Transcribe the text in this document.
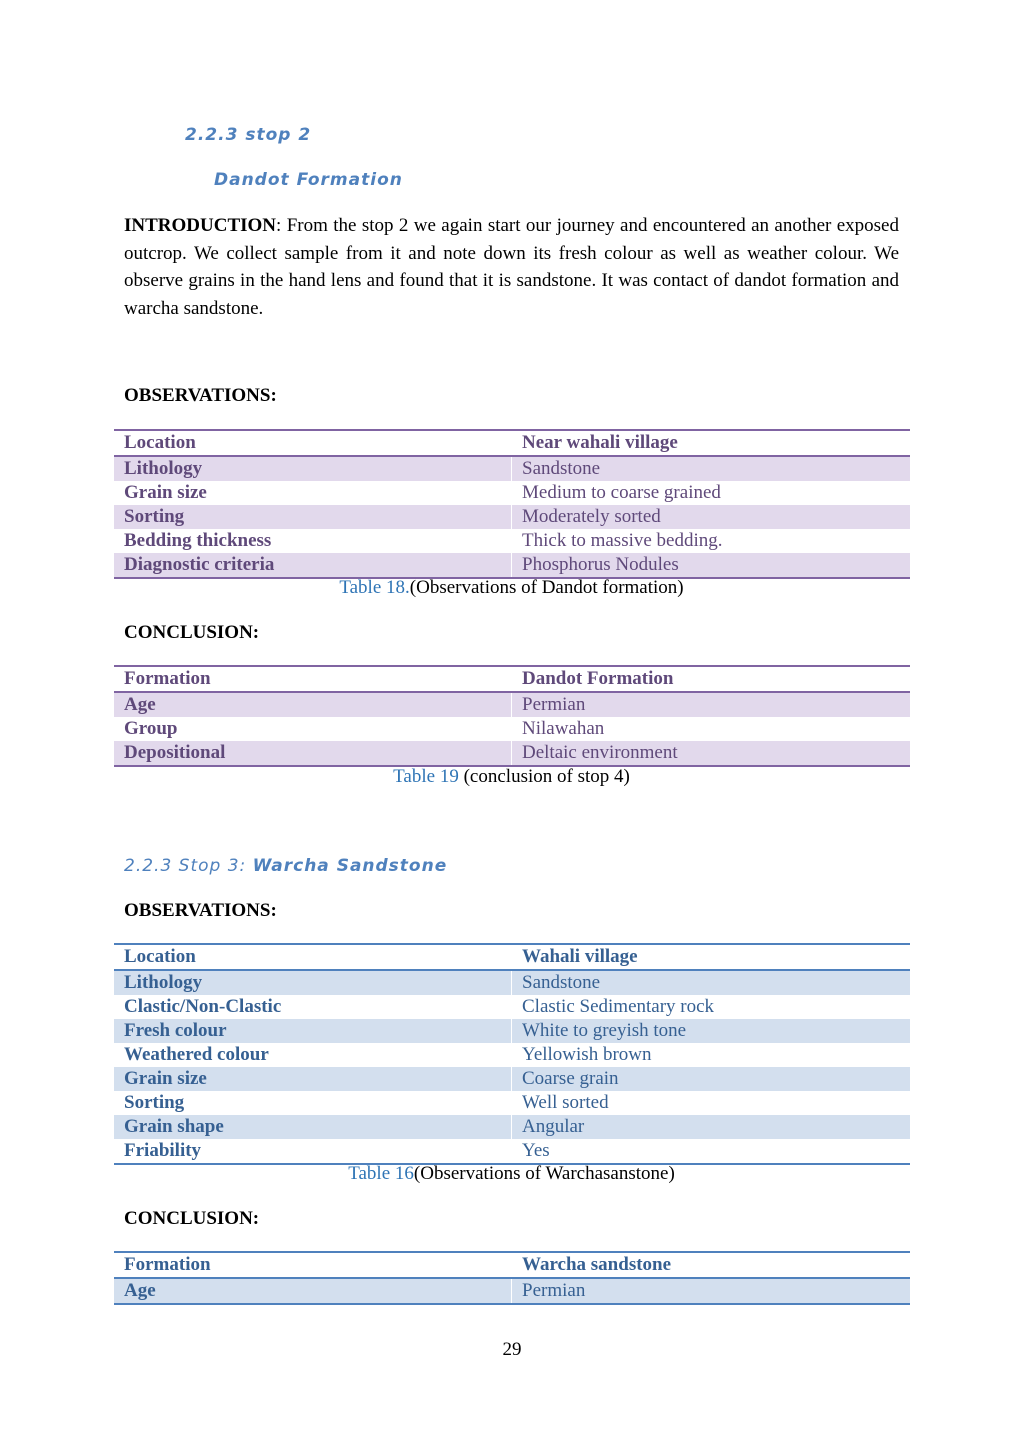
2.2.3 stop 2
Dandot Formation
INTRODUCTION: From the stop 2 we again start our journey and encountered an another exposed outcrop. We collect sample from it and note down its fresh colour as well as weather colour. We observe grains in the hand lens and found that it is sandstone. It was contact of dandot formation and warcha sandstone.
OBSERVATIONS:
Location	Near wahali village
Lithology	Sandstone
Grain size	Medium to coarse grained
Sorting	Moderately sorted
Bedding thickness	Thick to massive bedding.
Diagnostic criteria	Phosphorus Nodules
Table 18.(Observations of Dandot formation)
CONCLUSION:
Formation	Dandot Formation
Age	Permian
Group	Nilawahan
Depositional	Deltaic environment
Table 19 (conclusion of stop 4)
2.2.3 Stop 3: Warcha Sandstone
OBSERVATIONS:
Location	Wahali village
Lithology	Sandstone
Clastic/Non-Clastic	Clastic Sedimentary rock
Fresh colour	White to greyish tone
Weathered colour	Yellowish brown
Grain size	Coarse grain
Sorting	Well sorted
Grain shape	Angular
Friability	Yes
Table 16(Observations of Warchasanstone)
CONCLUSION:
Formation	Warcha sandstone
Age	Permian
29
